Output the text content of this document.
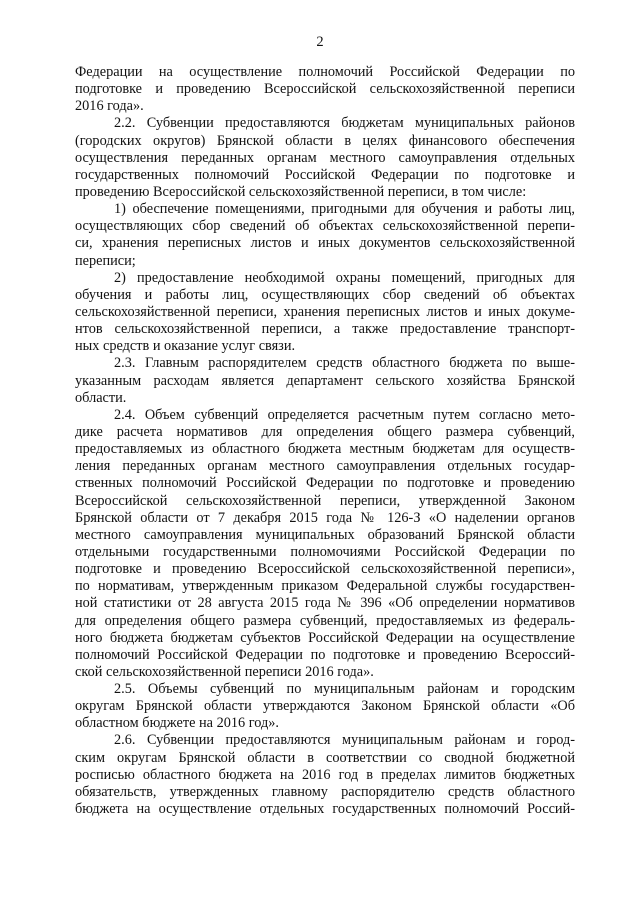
2
Федерации на осуществление полномочий Российской Федерации по
подготовке и проведению Всероссийской сельскохозяйственной переписи
2016 года».
2.2. Субвенции предоставляются бюджетам муниципальных районов
(городских округов) Брянской области в целях финансового обеспечения
осуществления переданных органам местного самоуправления отдельных
государственных полномочий Российской Федерации по подготовке и
проведению Всероссийской сельскохозяйственной переписи, в том числе:
1) обеспечение помещениями, пригодными для обучения и работы лиц,
осуществляющих сбор сведений об объектах сельскохозяйственной перепи-
си, хранения переписных листов и иных документов сельскохозяйственной
переписи;
2) предоставление необходимой охраны помещений, пригодных для
обучения и работы лиц, осуществляющих сбор сведений об объектах
сельскохозяйственной переписи, хранения переписных листов и иных докуме-
нтов сельскохозяйственной переписи, а также предоставление транспорт-
ных средств и оказание услуг связи.
2.3. Главным распорядителем средств областного бюджета по выше-
указанным расходам является департамент сельского хозяйства Брянской
области.
2.4. Объем субвенций определяется расчетным путем согласно мето-
дике расчета нормативов для определения общего размера субвенций,
предоставляемых из областного бюджета местным бюджетам для осуществ-
ления переданных органам местного самоуправления отдельных государ-
ственных полномочий Российской Федерации по подготовке и проведению
Всероссийской сельскохозяйственной переписи, утвержденной Законом
Брянской области от 7 декабря 2015 года № 126-З «О наделении органов
местного самоуправления муниципальных образований Брянской области
отдельными государственными полномочиями Российской Федерации по
подготовке и проведению Всероссийской сельскохозяйственной переписи»,
по нормативам, утвержденным приказом Федеральной службы государствен-
ной статистики от 28 августа 2015 года № 396 «Об определении нормативов
для определения общего размера субвенций, предоставляемых из федераль-
ного бюджета бюджетам субъектов Российской Федерации на осуществление
полномочий Российской Федерации по подготовке и проведению Всероссий-
ской сельскохозяйственной переписи 2016 года».
2.5. Объемы субвенций по муниципальным районам и городским
округам Брянской области утверждаются Законом Брянской области «Об
областном бюджете на 2016 год».
2.6. Субвенции предоставляются муниципальным районам и город-
ским округам Брянской области в соответствии со сводной бюджетной
росписью областного бюджета на 2016 год в пределах лимитов бюджетных
обязательств, утвержденных главному распорядителю средств областного
бюджета на осуществление отдельных государственных полномочий Россий-
